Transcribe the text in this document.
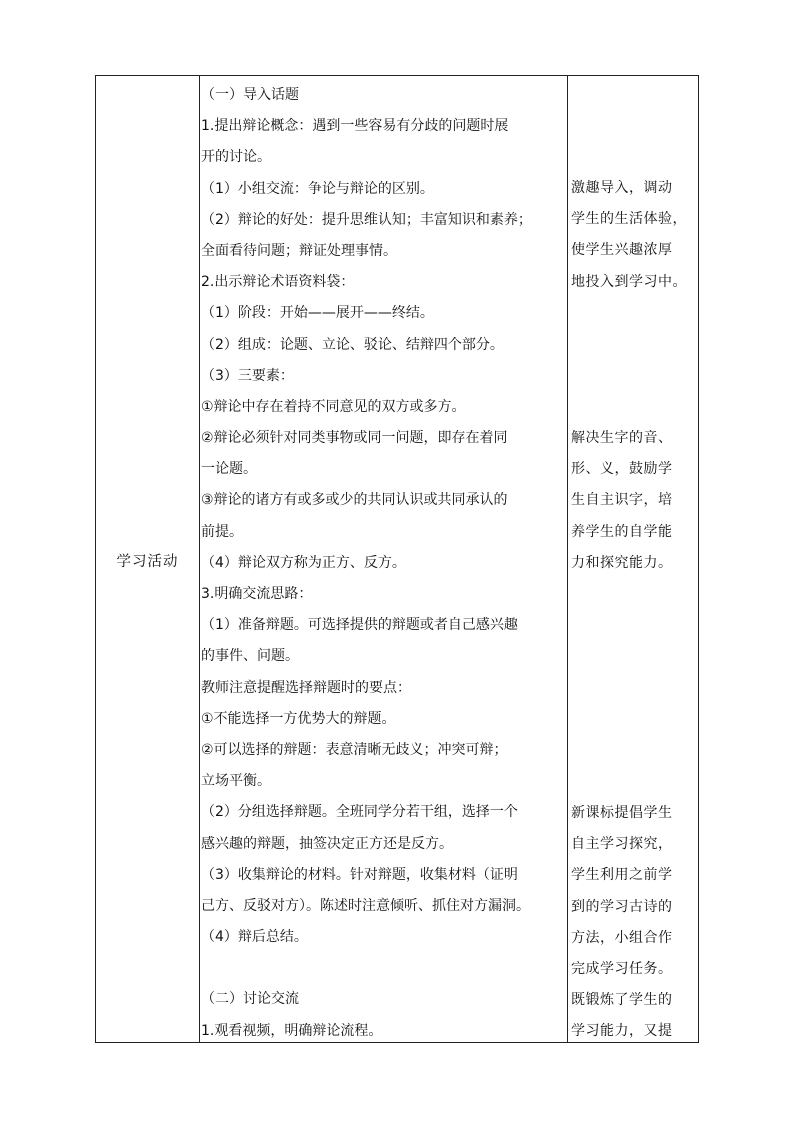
学习活动
（一）导入话题
1.提出辩论概念：遇到一些容易有分歧的问题时展
开的讨论。
（1）小组交流：争论与辩论的区别。
（2）辩论的好处：提升思维认知；丰富知识和素养；
全面看待问题；辩证处理事情。
2.出示辩论术语资料袋：
（1）阶段：开始——展开——终结。
（2）组成：论题、立论、驳论、结辩四个部分。
（3）三要素：
①辩论中存在着持不同意见的双方或多方。
②辩论必须针对同类事物或同一问题，即存在着同
一论题。
③辩论的诸方有或多或少的共同认识或共同承认的
前提。
（4）辩论双方称为正方、反方。
3.明确交流思路：
（1）准备辩题。可选择提供的辩题或者自己感兴趣
的事件、问题。
教师注意提醒选择辩题时的要点：
①不能选择一方优势大的辩题。
②可以选择的辩题：表意清晰无歧义；冲突可辩；
立场平衡。
（2）分组选择辩题。全班同学分若干组，选择一个
感兴趣的辩题，抽签决定正方还是反方。
（3）收集辩论的材料。针对辩题，收集材料（证明
己方、反驳对方）。陈述时注意倾听、抓住对方漏洞。
（4）辩后总结。
（二）讨论交流
1.观看视频，明确辩论流程。
激趣导入，调动
学生的生活体验，
使学生兴趣浓厚
地投入到学习中。
解决生字的音、
形、义，鼓励学
生自主识字，培
养学生的自学能
力和探究能力。
新课标提倡学生
自主学习探究，
学生利用之前学
到的学习古诗的
方法，小组合作
完成学习任务。
既锻炼了学生的
学习能力，又提
